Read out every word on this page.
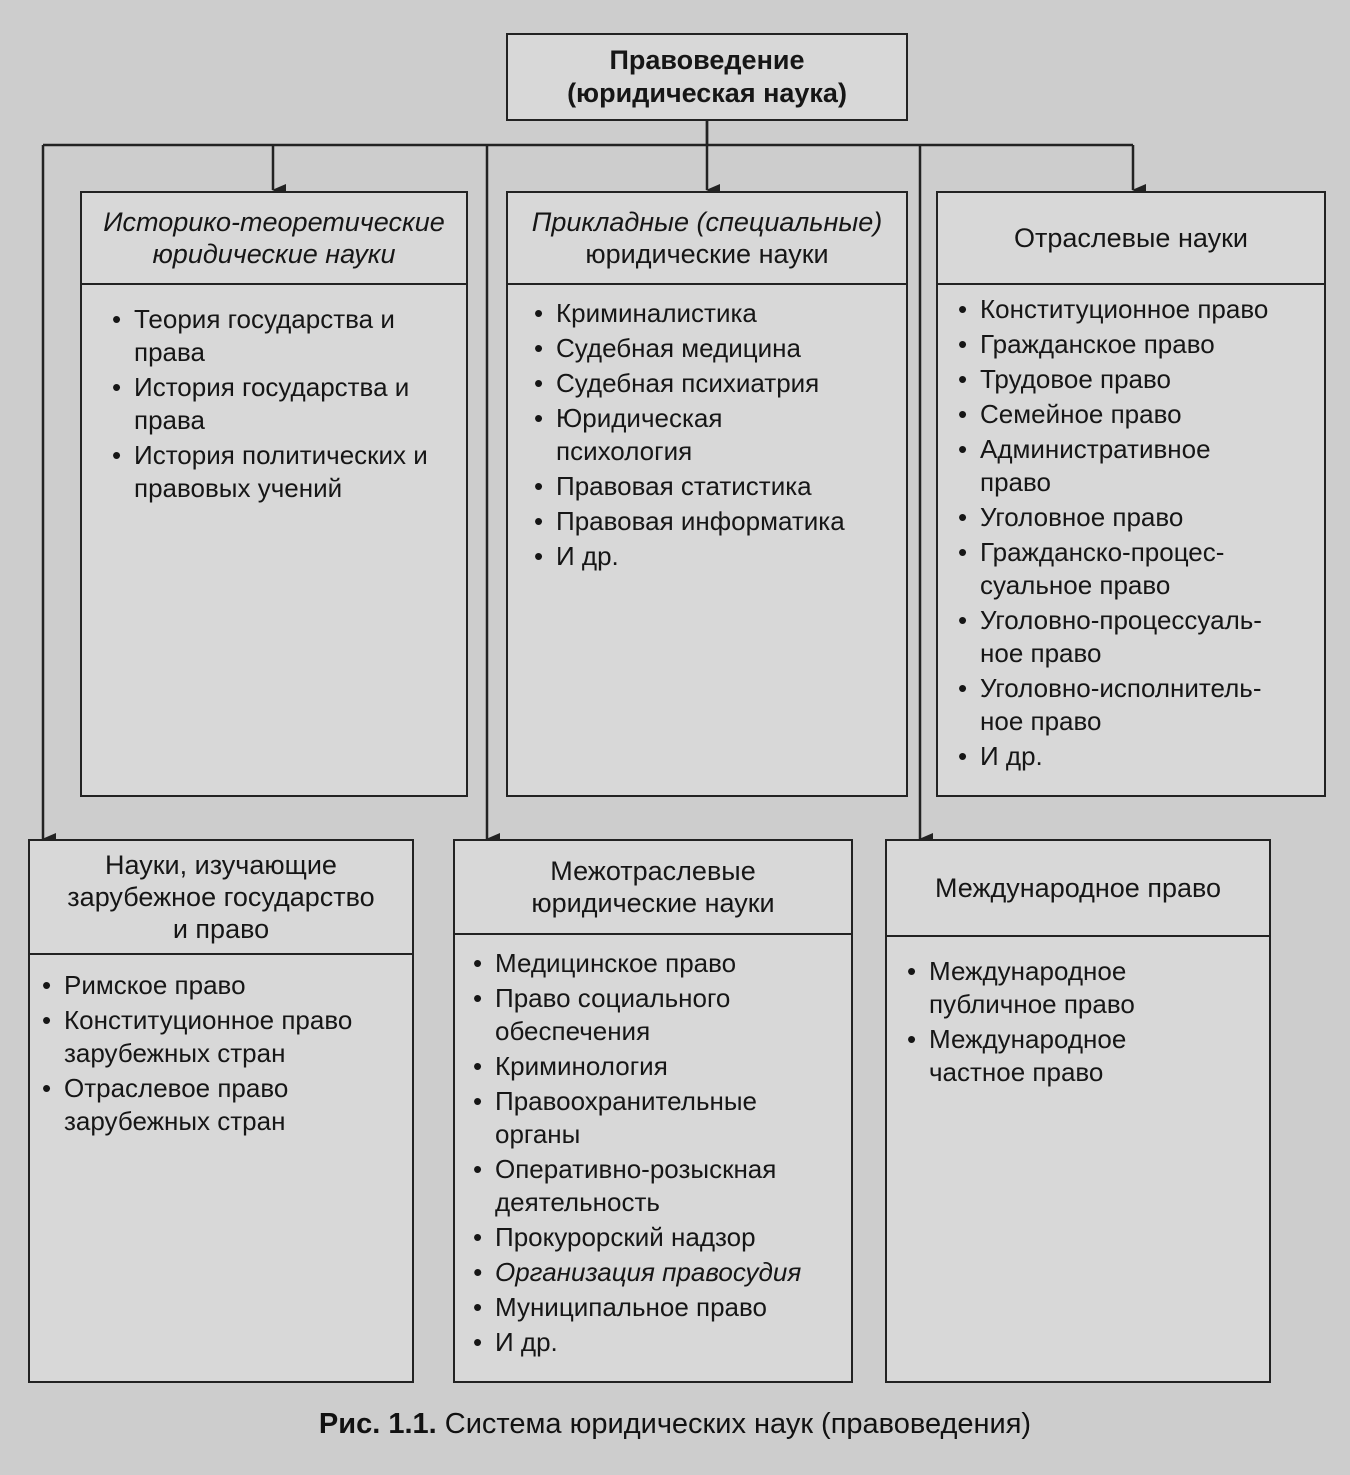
Правоведение
(юридическая наука)
Историко-теоретические
юридические науки
• Теория государства и права
• История государства и права
• История политических и правовых учений
Прикладные (специальные)
юридические науки
• Криминалистика
• Судебная медицина
• Судебная психиатрия
• Юридическая психология
• Правовая статистика
• Правовая информатика
• И др.
Отраслевые науки
• Конституционное право
• Гражданское право
• Трудовое право
• Семейное право
• Административное право
• Уголовное право
• Гражданско-процес-суальное право
• Уголовно-процессуаль-ное право
• Уголовно-исполнитель-ное право
• И др.
Науки, изучающие
зарубежное государство
и право
• Римское право
• Конституционное право зарубежных стран
• Отраслевое право зарубежных стран
Межотраслевые
юридические науки
• Медицинское право
• Право социального обеспечения
• Криминология
• Правоохранительные органы
• Оперативно-розыскная деятельность
• Прокурорский надзор
• Организация правосудия
• Муниципальное право
• И др.
Международное право
• Международное публичное право
• Международное частное право
Рис. 1.1. Система юридических наук (правоведения)
